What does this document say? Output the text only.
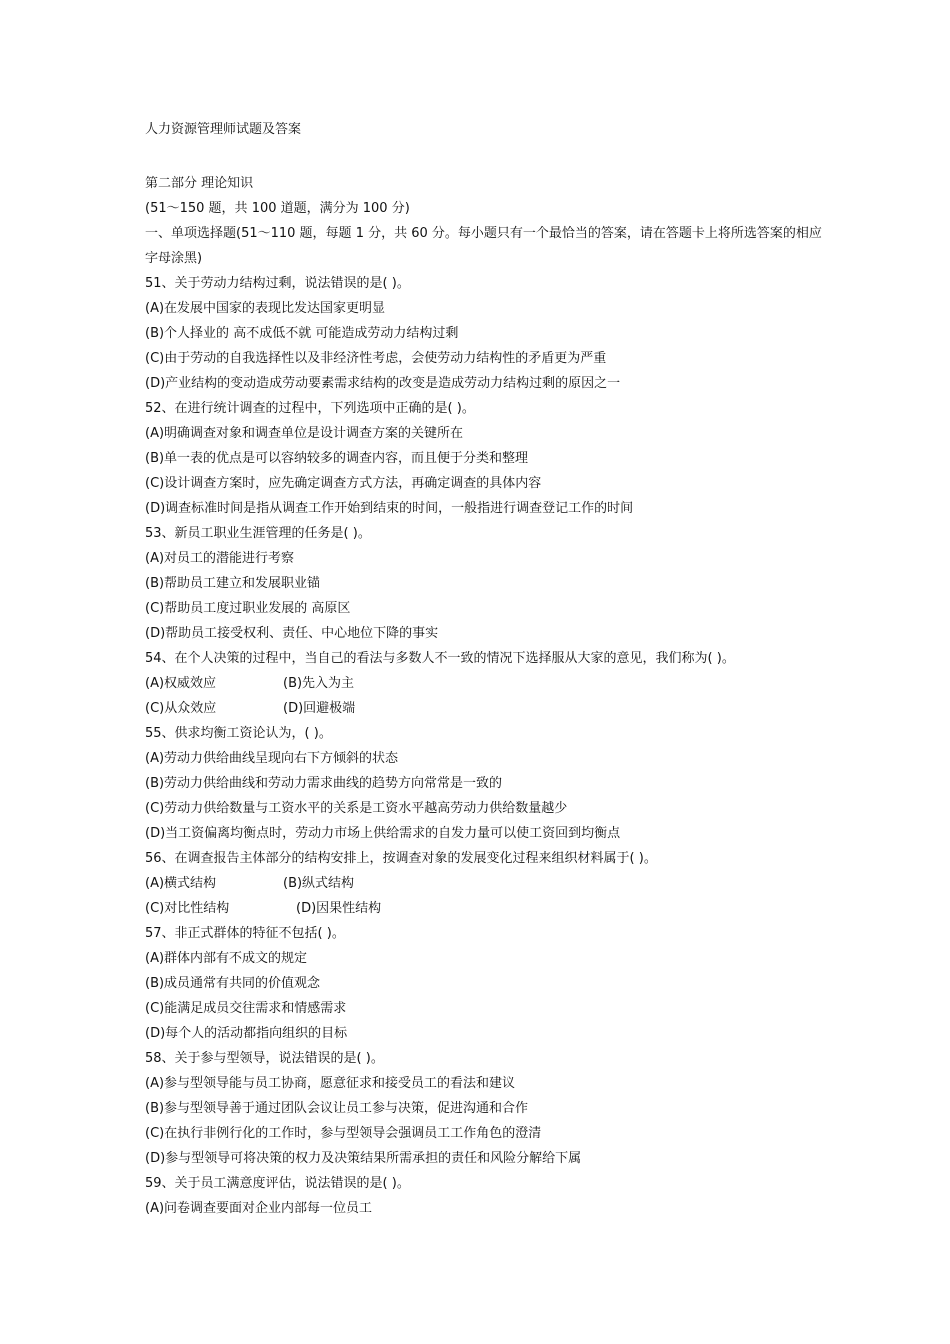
人力资源管理师试题及答案
第二部分 理论知识
(51～150 题，共 100 道题，满分为 100 分)
一、单项选择题(51～110 题，每题 1 分，共 60 分。每小题只有一个最恰当的答案，请在答题卡上将所选答案的相应字母涂黑)
51、关于劳动力结构过剩，说法错误的是( )。
(A)在发展中国家的表现比发达国家更明显
(B)个人择业的 高不成低不就 可能造成劳动力结构过剩
(C)由于劳动的自我选择性以及非经济性考虑，会使劳动力结构性的矛盾更为严重
(D)产业结构的变动造成劳动要素需求结构的改变是造成劳动力结构过剩的原因之一
52、在进行统计调查的过程中，下列选项中正确的是( )。
(A)明确调查对象和调查单位是设计调查方案的关键所在
(B)单一表的优点是可以容纳较多的调查内容，而且便于分类和整理
(C)设计调查方案时，应先确定调查方式方法，再确定调查的具体内容
(D)调查标准时间是指从调查工作开始到结束的时间，一般指进行调查登记工作的时间
53、新员工职业生涯管理的任务是( )。
(A)对员工的潜能进行考察
(B)帮助员工建立和发展职业锚
(C)帮助员工度过职业发展的 高原区
(D)帮助员工接受权利、责任、中心地位下降的事实
54、在个人决策的过程中，当自己的看法与多数人不一致的情况下选择服从大家的意见，我们称为( )。
(A)权威效应	(B)先入为主
(C)从众效应	(D)回避极端
55、供求均衡工资论认为，( )。
(A)劳动力供给曲线呈现向右下方倾斜的状态
(B)劳动力供给曲线和劳动力需求曲线的趋势方向常常是一致的
(C)劳动力供给数量与工资水平的关系是工资水平越高劳动力供给数量越少
(D)当工资偏离均衡点时，劳动力市场上供给需求的自发力量可以使工资回到均衡点
56、在调查报告主体部分的结构安排上，按调查对象的发展变化过程来组织材料属于( )。
(A)横式结构	(B)纵式结构
(C)对比性结构	(D)因果性结构
57、非正式群体的特征不包括( )。
(A)群体内部有不成文的规定
(B)成员通常有共同的价值观念
(C)能满足成员交往需求和情感需求
(D)每个人的活动都指向组织的目标
58、关于参与型领导，说法错误的是( )。
(A)参与型领导能与员工协商，愿意征求和接受员工的看法和建议
(B)参与型领导善于通过团队会议让员工参与决策，促进沟通和合作
(C)在执行非例行化的工作时，参与型领导会强调员工工作角色的澄清
(D)参与型领导可将决策的权力及决策结果所需承担的责任和风险分解给下属
59、关于员工满意度评估，说法错误的是( )。
(A)问卷调查要面对企业内部每一位员工
